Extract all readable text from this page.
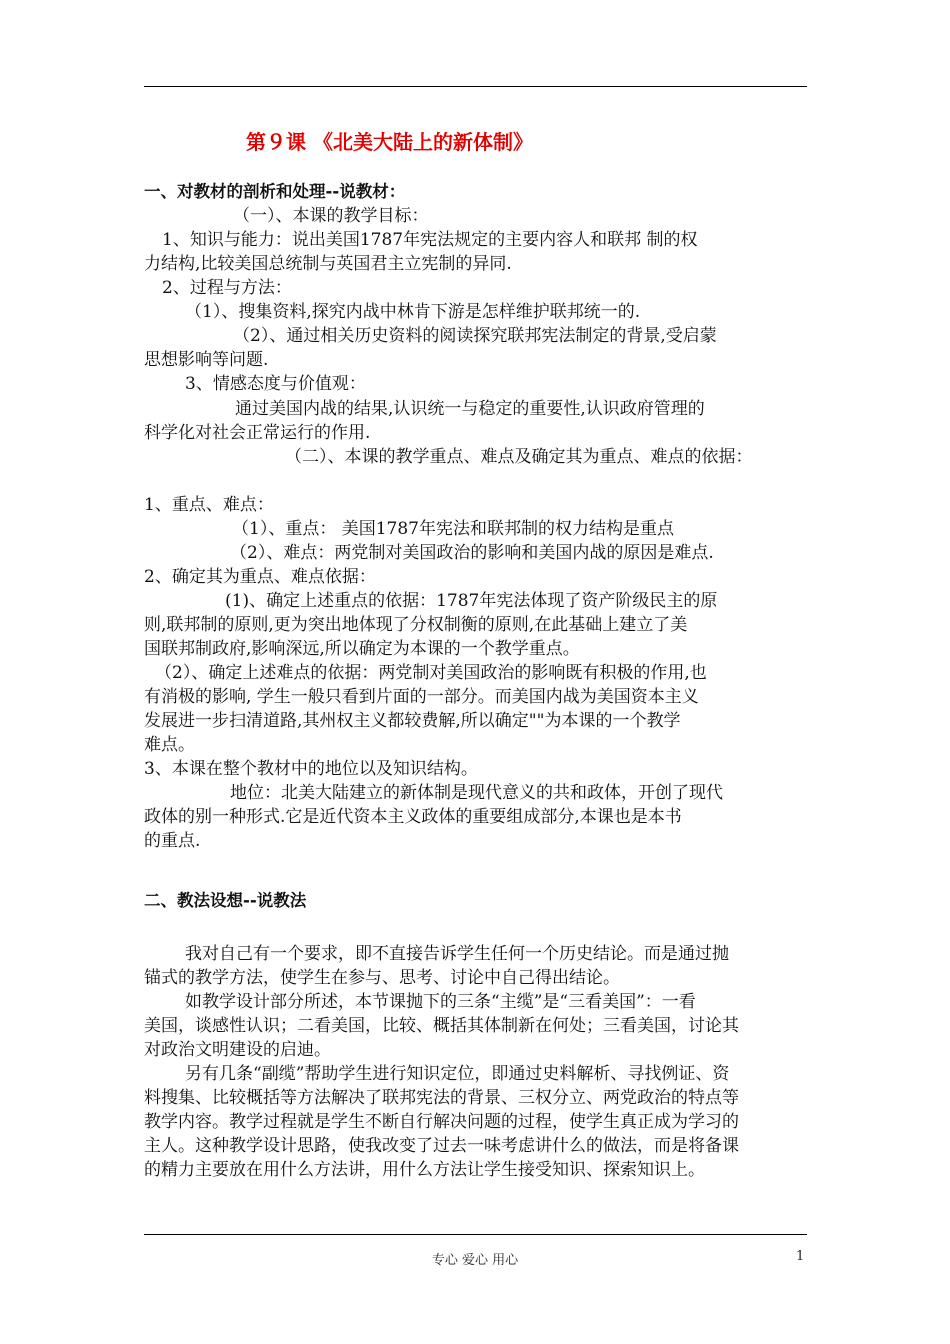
第９课 《北美大陆上的新体制》
一、对教材的剖析和处理--说教材：
（一）、本课的教学目标：
1、知识与能力：说出美国1787年宪法规定的主要内容人和联邦 制的权
力结构,比较美国总统制与英国君主立宪制的异同.
2、过程与方法：
（1）、搜集资料,探究内战中林肯下游是怎样维护联邦统一的.
（2）、通过相关历史资料的阅读探究联邦宪法制定的背景,受启蒙
思想影响等问题.
3、情感态度与价值观：
通过美国内战的结果,认识统一与稳定的重要性,认识政府管理的
科学化对社会正常运行的作用.
（二）、本课的教学重点、难点及确定其为重点、难点的依据：
1、重点、难点：
（1）、重点： 美国1787年宪法和联邦制的权力结构是重点
（2）、难点：两党制对美国政治的影响和美国内战的原因是难点.
2、确定其为重点、难点依据：
(1)、确定上述重点的依据：1787年宪法体现了资产阶级民主的原
则,联邦制的原则,更为突出地体现了分权制衡的原则,在此基础上建立了美
国联邦制政府,影响深远,所以确定为本课的一个教学重点。
（2）、确定上述难点的依据：两党制对美国政治的影响既有积极的作用,也
有消极的影响, 学生一般只看到片面的一部分。而美国内战为美国资本主义
发展进一步扫清道路,其州权主义都较费解,所以确定""为本课的一个教学
难点。
3、本课在整个教材中的地位以及知识结构。
地位：北美大陆建立的新体制是现代意义的共和政体，开创了现代
政体的别一种形式.它是近代资本主义政体的重要组成部分,本课也是本书
的重点.
二、教法设想--说教法
我对自己有一个要求，即不直接告诉学生任何一个历史结论。而是通过抛
锚式的教学方法，使学生在参与、思考、讨论中自己得出结论。
如教学设计部分所述，本节课抛下的三条“主缆”是“三看美国”：一看
美国，谈感性认识；二看美国，比较、概括其体制新在何处；三看美国，讨论其
对政治文明建设的启迪。
另有几条“副缆”帮助学生进行知识定位，即通过史料解析、寻找例证、资
料搜集、比较概括等方法解决了联邦宪法的背景、三权分立、两党政治的特点等
教学内容。教学过程就是学生不断自行解决问题的过程，使学生真正成为学习的
主人。这种教学设计思路，使我改变了过去一味考虑讲什么的做法，而是将备课
的精力主要放在用什么方法讲，用什么方法让学生接受知识、探索知识上。
专心 爱心 用心	1
